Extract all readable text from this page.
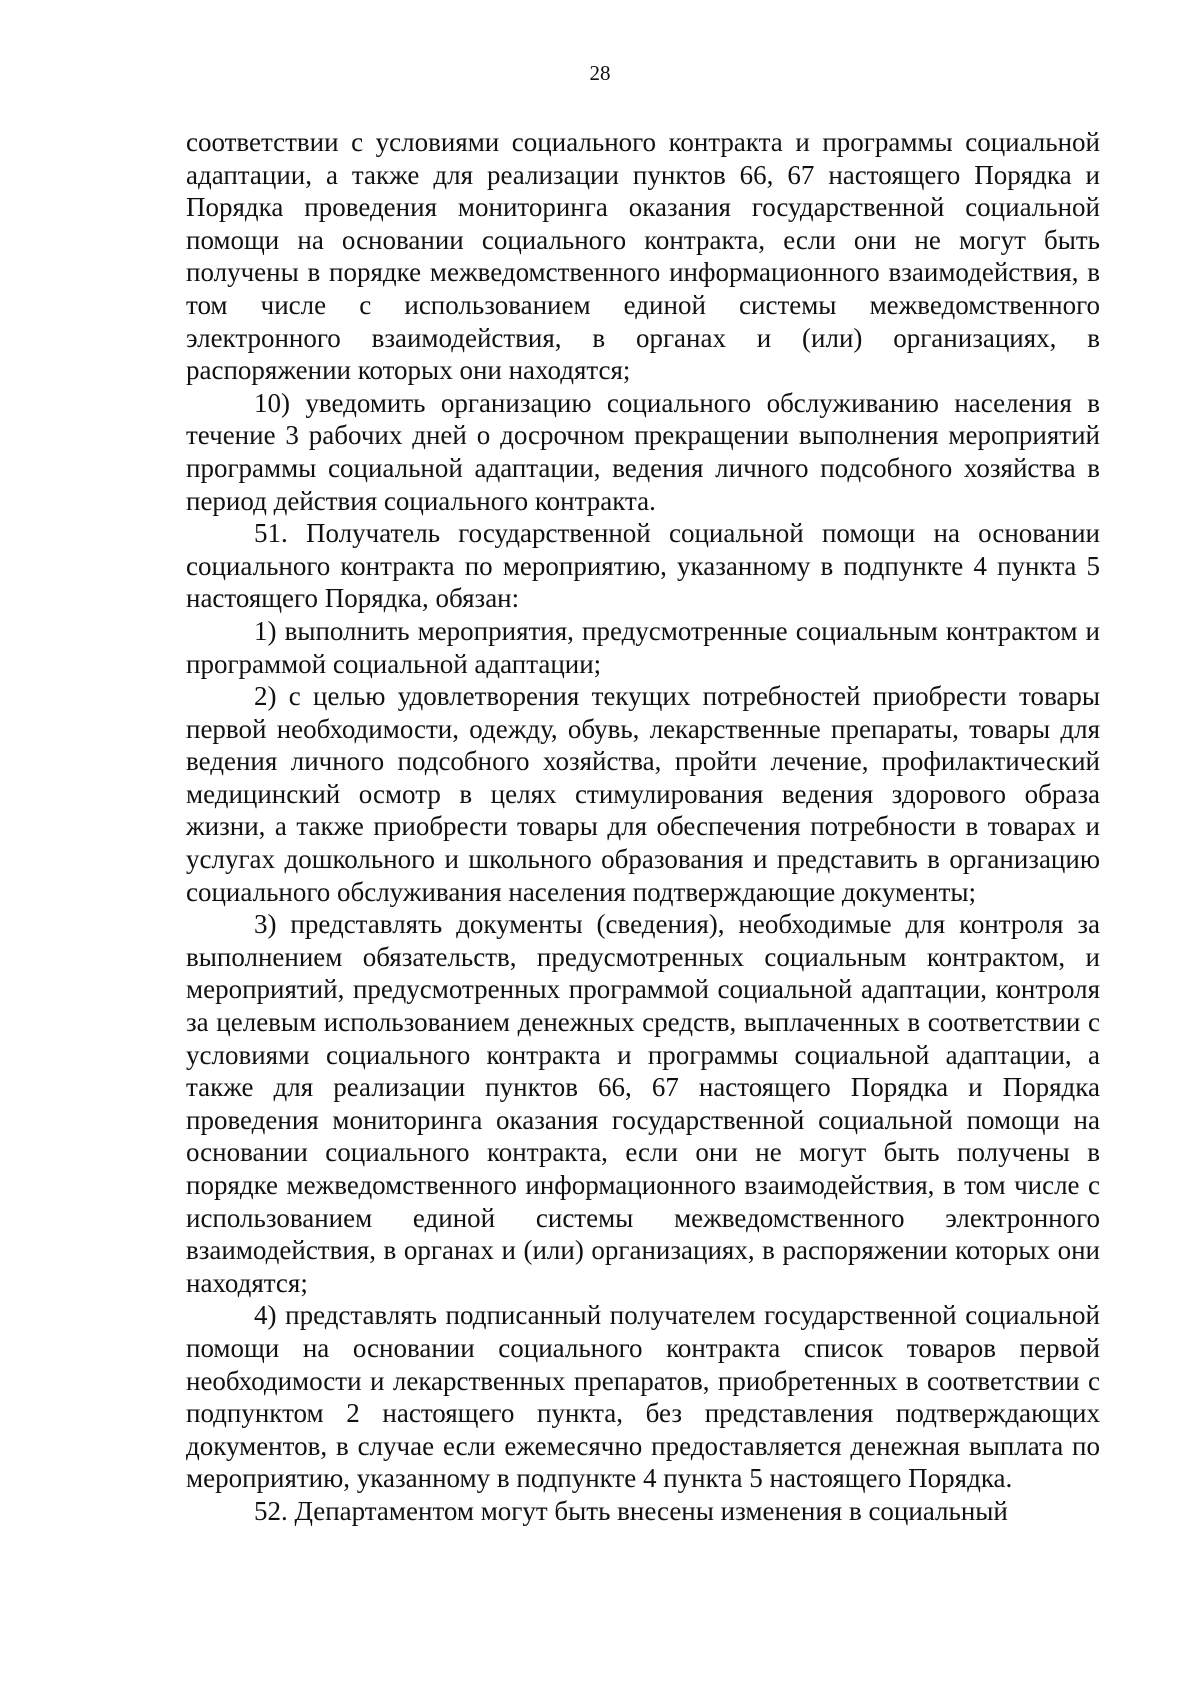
28

соответствии с условиями социального контракта и программы социальной адаптации, а также для реализации пунктов 66, 67 настоящего Порядка и Порядка проведения мониторинга оказания государственной социальной помощи на основании социального контракта, если они не могут быть получены в порядке межведомственного информационного взаимодействия, в том числе с использованием единой системы межведомственного электронного взаимодействия, в органах и (или) организациях, в распоряжении которых они находятся;

10) уведомить организацию социального обслуживанию населения в течение 3 рабочих дней о досрочном прекращении выполнения мероприятий программы социальной адаптации, ведения личного подсобного хозяйства в период действия социального контракта.

51. Получатель государственной социальной помощи на основании социального контракта по мероприятию, указанному в подпункте 4 пункта 5 настоящего Порядка, обязан:

1) выполнить мероприятия, предусмотренные социальным контрактом и программой социальной адаптации;

2) с целью удовлетворения текущих потребностей приобрести товары первой необходимости, одежду, обувь, лекарственные препараты, товары для ведения личного подсобного хозяйства, пройти лечение, профилактический медицинский осмотр в целях стимулирования ведения здорового образа жизни, а также приобрести товары для обеспечения потребности в товарах и услугах дошкольного и школьного образования и представить в организацию социального обслуживания населения подтверждающие документы;

3) представлять документы (сведения), необходимые для контроля за выполнением обязательств, предусмотренных социальным контрактом, и мероприятий, предусмотренных программой социальной адаптации, контроля за целевым использованием денежных средств, выплаченных в соответствии с условиями социального контракта и программы социальной адаптации, а также для реализации пунктов 66, 67 настоящего Порядка и Порядка проведения мониторинга оказания государственной социальной помощи на основании социального контракта, если они не могут быть получены в порядке межведомственного информационного взаимодействия, в том числе с использованием единой системы межведомственного электронного взаимодействия, в органах и (или) организациях, в распоряжении которых они находятся;

4) представлять подписанный получателем государственной социальной помощи на основании социального контракта список товаров первой необходимости и лекарственных препаратов, приобретенных в соответствии с подпунктом 2 настоящего пункта, без представления подтверждающих документов, в случае если ежемесячно предоставляется денежная выплата по мероприятию, указанному в подпункте 4 пункта 5 настоящего Порядка.

52. Департаментом могут быть внесены изменения в социальный
